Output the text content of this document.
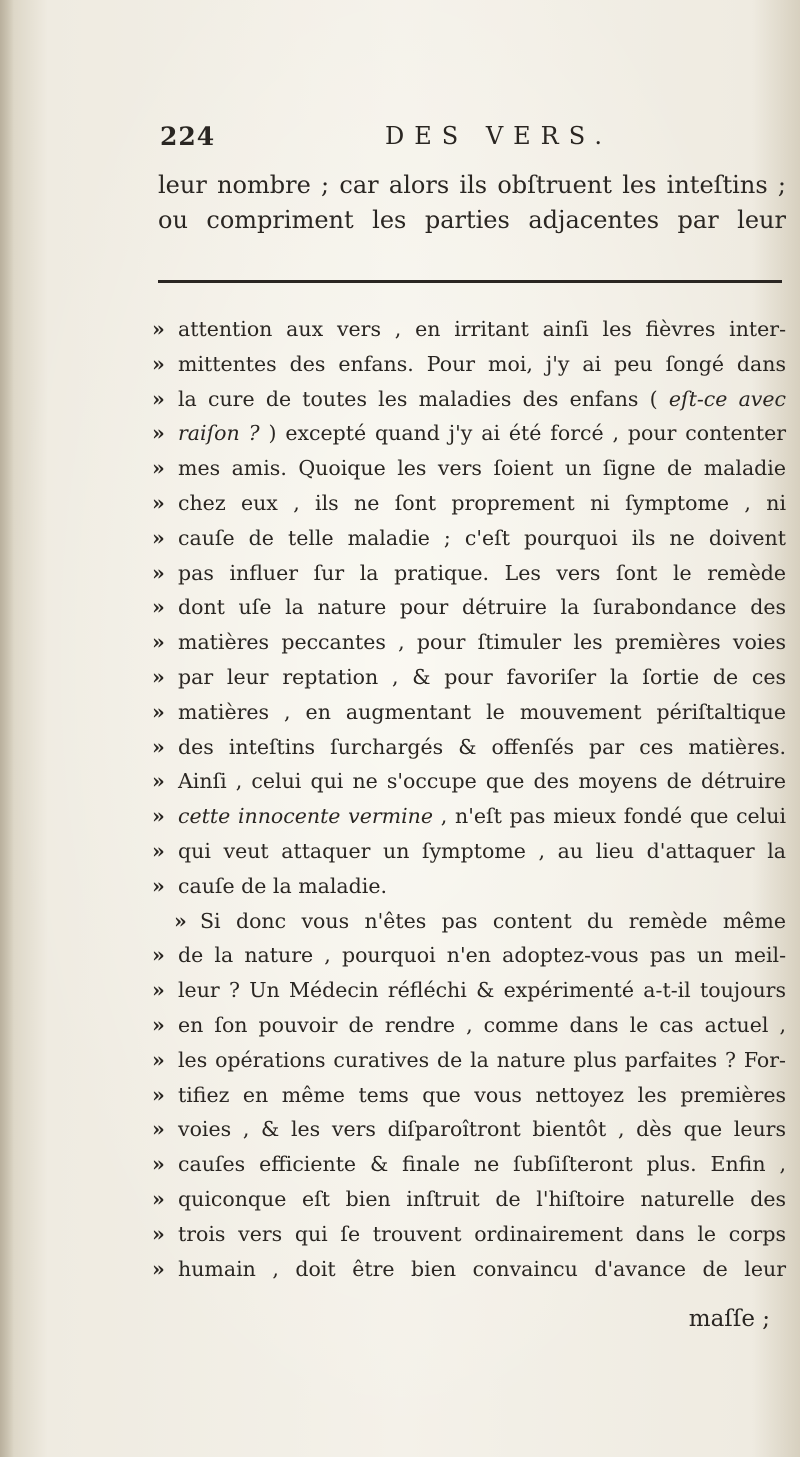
224	DES VERS.
leur nombre ; car alors ils obſtruent les inteſtins ;
ou compriment les parties adjacentes par leur
» attention aux vers , en irritant ainſi les fièvres inter-
» mittentes des enfans. Pour moi, j'y ai peu ſongé dans
» la cure de toutes les maladies des enfans ( eſt-ce avec
» raiſon ? ) excepté quand j'y ai été forcé , pour contenter
» mes amis. Quoique les vers ſoient un ſigne de maladie
» chez eux , ils ne ſont proprement ni ſymptome , ni
» cauſe de telle maladie ; c'eſt pourquoi ils ne doivent
» pas influer ſur la pratique. Les vers ſont le remède
» dont uſe la nature pour détruire la ſurabondance des
» matières peccantes , pour ſtimuler les premières voies
» par leur reptation , & pour favoriſer la ſortie de ces
» matières , en augmentant le mouvement périſtaltique
» des inteſtins ſurchargés & offenſés par ces matières.
» Ainſi , celui qui ne s'occupe que des moyens de détruire
» cette innocente vermine , n'eſt pas mieux fondé que celui
» qui veut attaquer un ſymptome , au lieu d'attaquer la
» cauſe de la maladie.
» Si donc vous n'êtes pas content du remède même
» de la nature , pourquoi n'en adoptez-vous pas un meil-
» leur ? Un Médecin réfléchi & expérimenté a-t-il toujours
» en ſon pouvoir de rendre , comme dans le cas actuel ,
» les opérations curatives de la nature plus parfaites ? For-
» tifiez en même tems que vous nettoyez les premières
» voies , & les vers diſparoîtront bientôt , dès que leurs
» cauſes efficiente & finale ne ſubſiſteront plus. Enfin ,
» quiconque eſt bien inſtruit de l'hiſtoire naturelle des
» trois vers qui ſe trouvent ordinairement dans le corps
» humain , doit être bien convaincu d'avance de leur
maſſe ;
